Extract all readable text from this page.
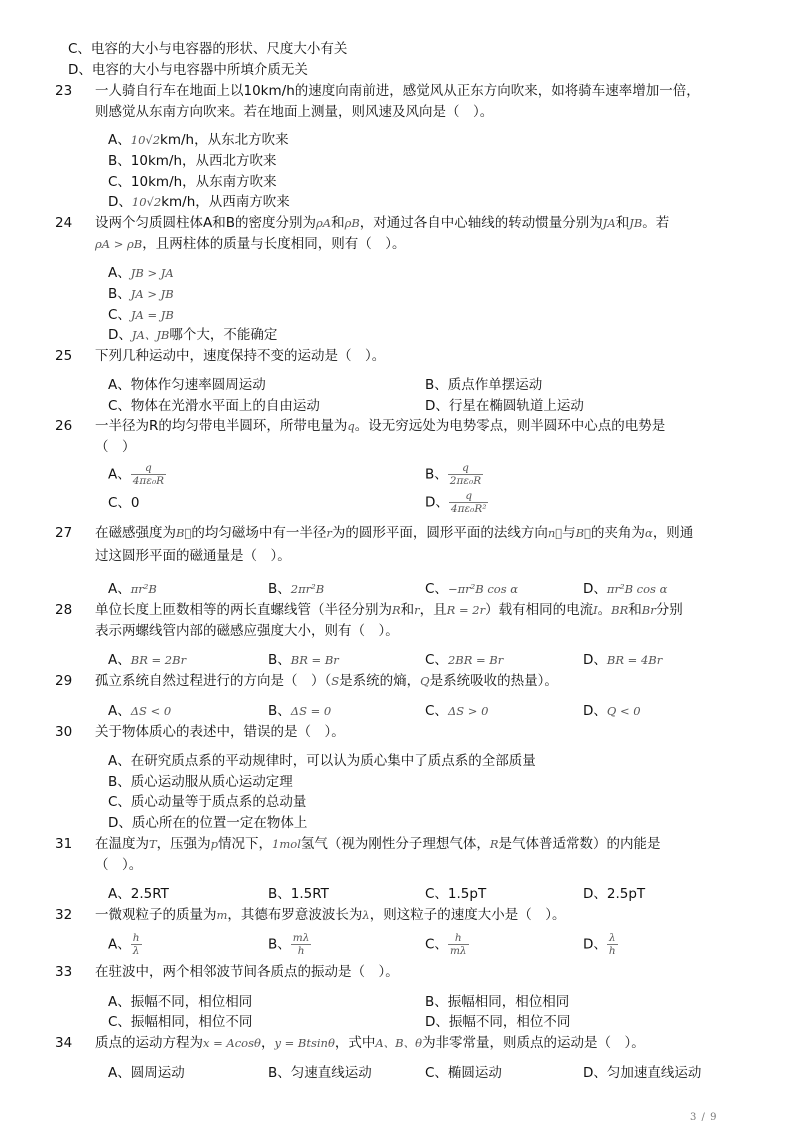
C、电容的大小与电容器的形状、尺度大小有关
D、电容的大小与电容器中所填介质无关
23 一人骑自行车在地面上以10km/h的速度向南前进，感觉风从正东方向吹来，如将骑车速率增加一倍，
则感觉从东南方向吹来。若在地面上测量，则风速及风向是（　）。
A、10√2km/h，从东北方吹来
B、10km/h，从西北方吹来
C、10km/h，从东南方吹来
D、10√2km/h，从西南方吹来
24 设两个匀质圆柱体A和B的密度分别为ρA和ρB，对通过各自中心轴线的转动惯量分别为JA和JB。若
ρA > ρB，且两柱体的质量与长度相同，则有（　）。
A、JB > JA
B、JA > JB
C、JA = JB
D、JA、JB哪个大，不能确定
25 下列几种运动中，速度保持不变的运动是（　）。
A、物体作匀速率圆周运动	B、质点作单摆运动
C、物体在光滑水平面上的自由运动	D、行星在椭圆轨道上运动
26 一半径为R的均匀带电半圆环，所带电量为q。设无穷远处为电势零点，则半圆环中心点的电势是
（　）
A、 $\frac{q}{\text{4πε₀R}}$	B、 $\frac{q}{\text{2πε₀R}}$
C、0	D、 $\frac{q}{\text{4πε₀R²}}$
27 在磁感强度为B⃗的均匀磁场中有一半径r为的圆形平面，圆形平面的法线方向n⃗与B⃗的夹角为α，则通
过这圆形平面的磁通量是（　）。
A、πr²B	B、2πr²B	C、−πr²B cos α	D、πr²B cos α
28 单位长度上匝数相等的两长直螺线管（半径分别为R和r，且R = 2r）载有相同的电流I。BR和Br分别
表示两螺线管内部的磁感应强度大小，则有（　）。
A、BR = 2Br	B、BR = Br	C、2BR = Br	D、BR = 4Br
29 孤立系统自然过程进行的方向是（　）（S是系统的熵，Q是系统吸收的热量）。
A、ΔS < 0	B、ΔS = 0	C、ΔS > 0	D、Q < 0
30 关于物体质心的表述中，错误的是（　）。
A、在研究质点系的平动规律时，可以认为质心集中了质点系的全部质量
B、质心运动服从质心运动定理
C、质心动量等于质点系的总动量
D、质心所在的位置一定在物体上
31 在温度为T，压强为p情况下，1mol氢气（视为刚性分子理想气体，R是气体普适常数）的内能是
（　）。
A、2.5RT	B、1.5RT	C、1.5pT	D、2.5pT
32 一微观粒子的质量为m，其德布罗意波波长为λ，则这粒子的速度大小是（　）。
A、 $\frac{h}{\lambda}$	B、 $\frac{m\lambda}{h}$	C、 $\frac{h}{m\lambda}$	D、 $\frac{\lambda}{h}$
33 在驻波中，两个相邻波节间各质点的振动是（　）。
A、振幅不同，相位相同	B、振幅相同，相位相同
C、振幅相同，相位不同	D、振幅不同，相位不同
34 质点的运动方程为x = Acosθ，y = Btsinθ，式中A、B、θ为非零常量，则质点的运动是（　）。
A、圆周运动	B、匀速直线运动	C、椭圆运动	D、匀加速直线运动
3 / 9
